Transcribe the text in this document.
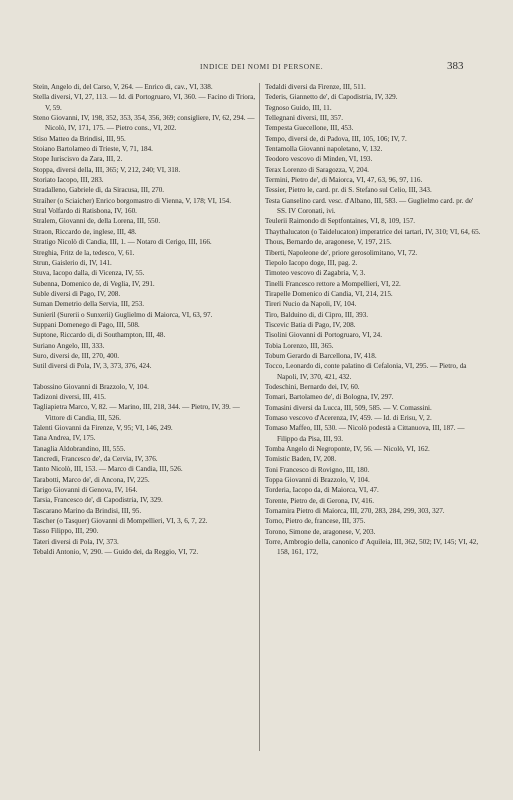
INDICE DEI NOMI DI PERSONE.	383

Stein, Angelo di, del Carso, V, 264. — Enrico di, cav., VI, 338.

Stella diversi, VI, 27, 113. — Id. di Portogruaro, VI, 360. — Facino di Triora, V, 59.

Steno Giovanni, IV, 198, 352, 353, 354, 356, 369; consigliere, IV, 62, 294. — Nicolò, IV, 171, 175. — Pietro cons., VI, 202.

Stiso Matteo da Brindisi, III, 95.

Stoiano Bartolameo di Trieste, V, 71, 184.

Stope Iuriscisvo da Zara, III, 2.

Stoppa, diversi della, III, 365; V, 212, 240; VI, 318.

Storiato Iacopo, III, 283.

Stradalleno, Gabriele di, da Siracusa, III, 270.

Straiher (o Sciaicher) Enrico borgomastro di Vienna, V, 178; VI, 154.

Stral Volfardo di Ratisbona, IV, 160.

Stralem, Giovanni de, della Lorena, III, 550.

Straon, Riccardo de, inglese, III, 48.

Stratigo Nicolò di Candia, III, 1. — Notaro di Cerigo, III, 166.

Streghia, Fritz de la, tedesco, V, 61.

Strun, Gaislerio di, IV, 141.

Stuva, Iacopo dalla, di Vicenza, IV, 55.

Subenna, Domenico de, di Veglia, IV, 291.

Suble diversi di Pago, IV, 208.

Suman Demetrio della Servia, III, 253.

Sunieril (Surerii o Sunxerii) Guglielmo di Maiorca, VI, 63, 97.

Suppani Domenego di Pago, III, 508.

Suptone, Riccardo di, di Southampton, III, 48.

Suriano Angelo, III, 333.

Suro, diversi de, III, 270, 400.

Sutil diversi di Pola, IV, 3, 373, 376, 424.

Tabossino Giovanni di Brazzolo, V, 104.

Tadizoni diversi, III, 415.

Tagliapietra Marco, V, 82. — Marino, III, 218, 344. — Pietro, IV, 39. — Vittore di Candia, III, 526.

Talenti Giovanni da Firenze, V, 95; VI, 146, 249.

Tana Andrea, IV, 175.

Tanaglia Aldobrandino, III, 555.

Tancredi, Francesco de', da Cervia, IV, 376.

Tanto Nicolò, III, 153. — Marco di Candia, III, 526.

Tarabotti, Marco de', di Ancona, IV, 225.

Tarigo Giovanni di Genova, IV, 164.

Tarsia, Francesco de', di Capodistria, IV, 329.

Tascarano Marino da Brindisi, III, 95.

Tascher (o Tasquer) Giovanni di Mompellieri, VI, 3, 6, 7, 22.

Tasso Filippo, III, 290.

Tateri diversi di Pola, IV, 373.

Tebaldi Antonio, V, 290. — Guido dei, da Reggio, VI, 72.

Tedaldi diversi da Firenze, III, 511.

Tederis, Giannetto de', di Capodistria, IV, 329.

Tegnoso Guido, III, 11.

Tellegnani diversi, III, 357.

Tempesta Guecellone, III, 453.

Tempo, diversi de, di Padova, III, 105, 106; IV, 7.

Tentamolla Giovanni napoletano, V, 132.

Teodoro vescovo di Minden, VI, 193.

Terax Lorenzo di Saragozza, V, 204.

Termini, Pietro de', di Maiorca, VI, 47, 63, 96, 97, 116.

Tessier, Pietro le, card. pr. di S. Stefano sul Celio, III, 343.

Testa Ganselino card. vesc. d'Albano, III, 583. — Guglielmo card. pr. de' SS. IV Coronati, ivi.

Teulerii Raimondo di Septfontaines, VI, 8, 109, 157.

Thaythalucaton (o Taidelucaton) imperatrice dei tartari, IV, 310; VI, 64, 65.

Thous, Bernardo de, aragonese, V, 197, 215.

Tiberti, Napoleone de', priore gerosolimitano, VI, 72.

Tiepolo Iacopo doge, III, pag. 2.

Timoteo vescovo di Zagabria, V, 3.

Tinelli Francesco rettore a Mompellieri, VI, 22.

Tirapelle Domenico di Candia, VI, 214, 215.

Tireri Nucio da Napoli, IV, 104.

Tiro, Balduino di, di Cipro, III, 393.

Tiscevic Batia di Pago, IV, 208.

Tisolini Giovanni di Portogruaro, VI, 24.

Tobia Lorenzo, III, 365.

Tobum Gerardo di Barcellona, IV, 418.

Tocco, Leonardo di, conte palatino di Cefalonia, VI, 295. — Pietro, da Napoli, IV, 370, 421, 432.

Todeschini, Bernardo dei, IV, 60.

Tomari, Bartolameo de', di Bologna, IV, 297.

Tomasini diversi da Lucca, III, 509, 585. — V. Comassini.

Tomaso vescovo d'Acerenza, IV, 459. — Id. di Erisu, V, 2.

Tomaso Maffeo, III, 530. — Nicolò podestà a Cittanuova, III, 187. — Filippo da Pisa, III, 93.

Tomba Angelo di Negroponte, IV, 56. — Nicolò, VI, 162.

Tomistic Baden, IV, 208.

Toni Francesco di Rovigno, III, 180.

Toppa Giovanni di Brazzolo, V, 104.

Torderia, Iacopo da, di Maiorca, VI, 47.

Torente, Pietro de, di Gerona, IV, 416.

Tornamira Pietro di Maiorca, III, 270, 283, 284, 299, 303, 327.

Torno, Pietro de, francese, III, 375.

Torono, Simone de, aragonese, V, 203.

Torre, Ambrogio della, canonico d' Aquileia, III, 362, 502; IV, 145; VI, 42, 158, 161, 172,
